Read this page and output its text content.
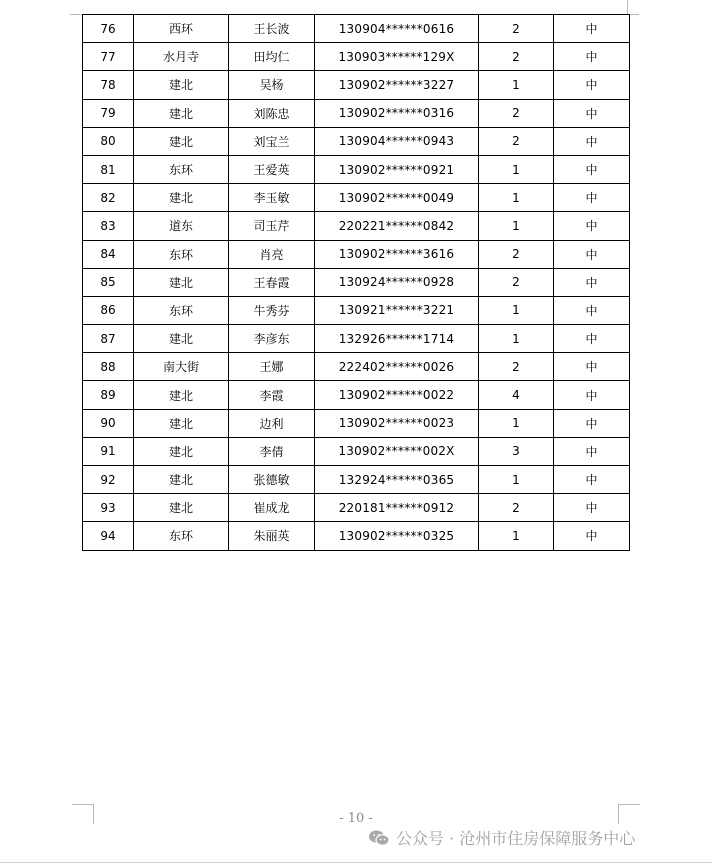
76	西环	王长波	130904******0616	2	中
77	水月寺	田均仁	130903******129X	2	中
78	建北	吴杨	130902******3227	1	中
79	建北	刘陈忠	130902******0316	2	中
80	建北	刘宝兰	130904******0943	2	中
81	东环	王爱英	130902******0921	1	中
82	建北	李玉敏	130902******0049	1	中
83	道东	司玉芹	220221******0842	1	中
84	东环	肖亮	130902******3616	2	中
85	建北	王春霞	130924******0928	2	中
86	东环	牛秀芬	130921******3221	1	中
87	建北	李彦东	132926******1714	1	中
88	南大街	王娜	222402******0026	2	中
89	建北	李霞	130902******0022	4	中
90	建北	边利	130902******0023	1	中
91	建北	李倩	130902******002X	3	中
92	建北	张德敏	132924******0365	1	中
93	建北	崔成龙	220181******0912	2	中
94	东环	朱丽英	130902******0325	1	中
- 10 -
公众号 · 沧州市住房保障服务中心
